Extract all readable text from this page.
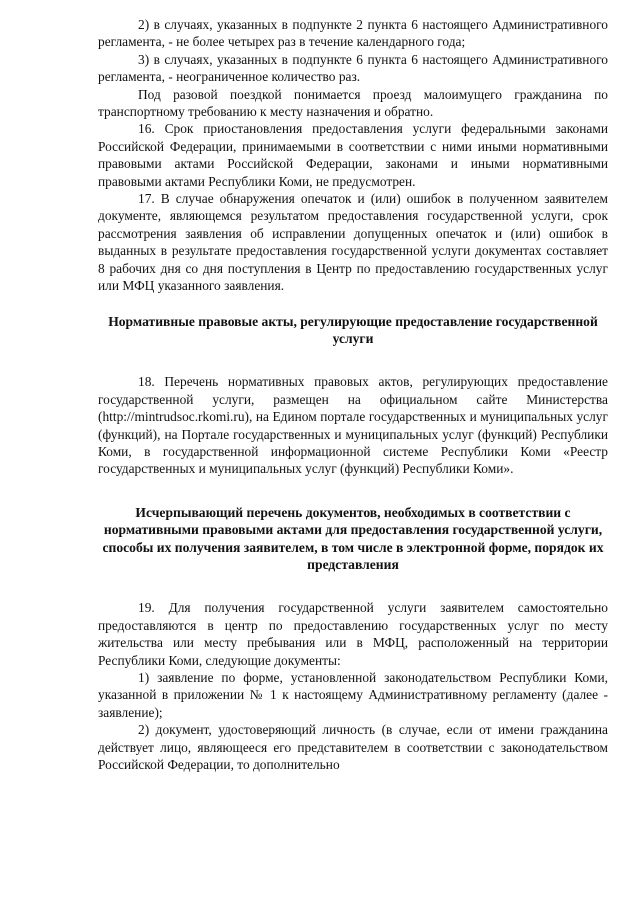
2) в случаях, указанных в подпункте 2 пункта 6 настоящего Административного регламента, - не более четырех раз в течение календарного года;

3) в случаях, указанных в подпункте 6 пункта 6 настоящего Административного регламента, - неограниченное количество раз.

Под разовой поездкой понимается проезд малоимущего гражданина по транспортному требованию к месту назначения и обратно.

16. Срок приостановления предоставления услуги федеральными законами Российской Федерации, принимаемыми в соответствии с ними иными нормативными правовыми актами Российской Федерации, законами и иными нормативными правовыми актами Республики Коми, не предусмотрен.

17. В случае обнаружения опечаток и (или) ошибок в полученном заявителем документе, являющемся результатом предоставления государственной услуги, срок рассмотрения заявления об исправлении допущенных опечаток и (или) ошибок в выданных в результате предоставления государственной услуги документах составляет 8 рабочих дня со дня поступления в Центр по предоставлению государственных услуг или МФЦ указанного заявления.

Нормативные правовые акты, регулирующие предоставление государственной услуги

18. Перечень нормативных правовых актов, регулирующих предоставление государственной услуги, размещен на официальном сайте Министерства (http://mintrudsoc.rkomi.ru), на Едином портале государственных и муниципальных услуг (функций), на Портале государственных и муниципальных услуг (функций) Республики Коми, в государственной информационной системе Республики Коми «Реестр государственных и муниципальных услуг (функций) Республики Коми».

Исчерпывающий перечень документов, необходимых в соответствии с нормативными правовыми актами для предоставления государственной услуги, способы их получения заявителем, в том числе в электронной форме, порядок их представления

19. Для получения государственной услуги заявителем самостоятельно предоставляются в центр по предоставлению государственных услуг по месту жительства или месту пребывания или в МФЦ, расположенный на территории Республики Коми, следующие документы:

1) заявление по форме, установленной законодательством Республики Коми, указанной в приложении № 1 к настоящему Административному регламенту (далее - заявление);

2) документ, удостоверяющий личность (в случае, если от имени гражданина действует лицо, являющееся его представителем в соответствии с законодательством Российской Федерации, то дополнительно
